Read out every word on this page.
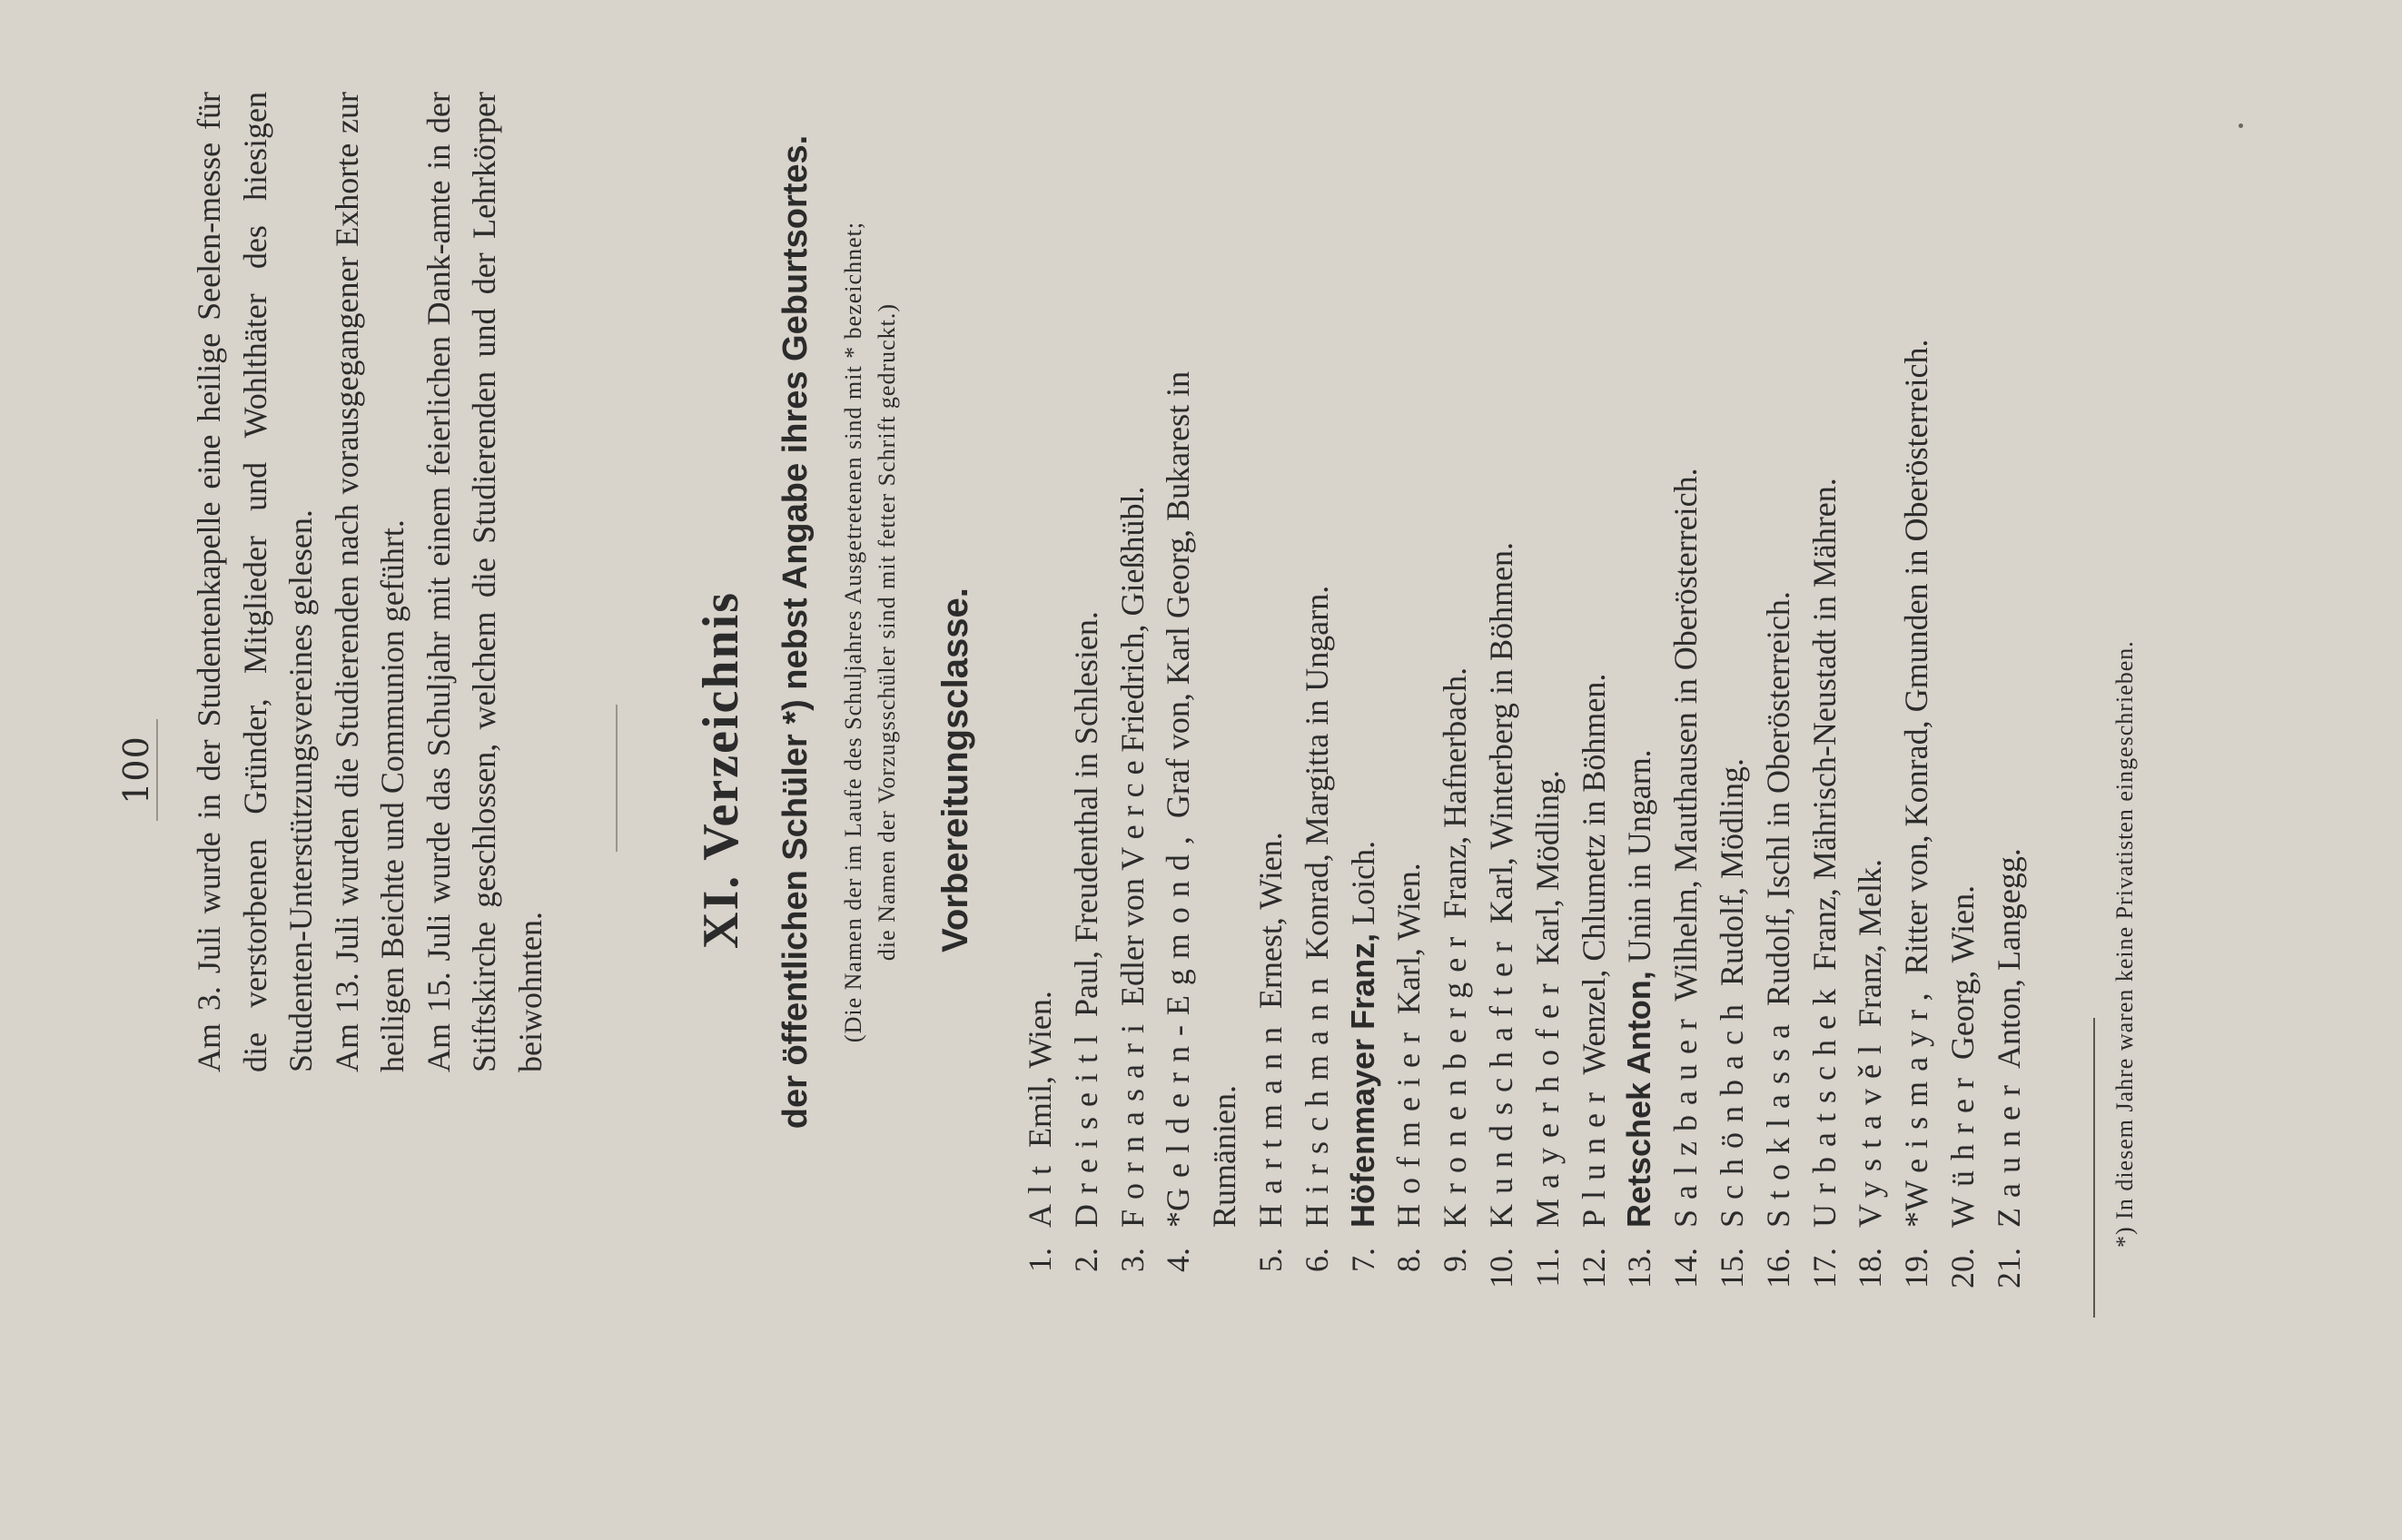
100 Am 3. Juli wurde in der Studentenkapelle eine heilige Seelen-messe für die verstorbenen Gründer, Mitglieder und Wohlthäter des hiesigen Studenten-Unterstützungsvereines gelesen. Am 13. Juli wurden die Studierenden nach vorausgegangener Exhorte zur heiligen Beichte und Communion geführt. Am 15. Juli wurde das Schuljahr mit einem feierlichen Dank-amte in der Stiftskirche geschlossen, welchem die Studierenden und der Lehrkörper beiwohnten.

XI. Verzeichnis der öffentlichen Schüler *) nebst Angabe ihres Geburtsortes. (Die Namen der im Laufe des Schuljahres Ausgetretenen sind mit * bezeichnet; die Namen der Vorzugsschüler sind mit fetter Schrift gedruckt.) Vorbereitungsclasse.
1.
Alt Emil, Wien.
2.
Dreiseitl Paul, Freudenthal in Schlesien.
3.
Fornasari Edler von V e r c e Friedrich, Gießhübl.
4.
*Geldern-Egmond, Graf von, Karl Georg, Bukarest in
Rumänien.
5.
Hartmann Ernest, Wien.
6.
Hirschmann Konrad, Margitta in Ungarn.
7.
Höfenmayer Franz, Loich.
8.
Hofmeier Karl, Wien.
9.
Kronenberger Franz, Hafnerbach.
10.
Kundschafter Karl, Winterberg in Böhmen.
11.
Mayerhofer Karl, Mödling.
12.
Pluner Wenzel, Chlumetz in Böhmen.
13.
Retschek Anton, Unin in Ungarn.
14.
Salzbauer Wilhelm, Mauthausen in Oberösterreich.
15.
Schönbach Rudolf, Mödling.
16.
Stoklassa Rudolf, Ischl in Oberösterreich.
17.
Urbatschek Franz, Mährisch-Neustadt in Mähren.
18.
Vystavěl Franz, Melk.
19.
*Weismayr, Ritter von, Konrad, Gmunden in Oberösterreich.
20.
Wührer Georg, Wien.
21.
Zauner Anton, Langegg.	*) In diesem Jahre waren keine Privatisten eingeschrieben.
